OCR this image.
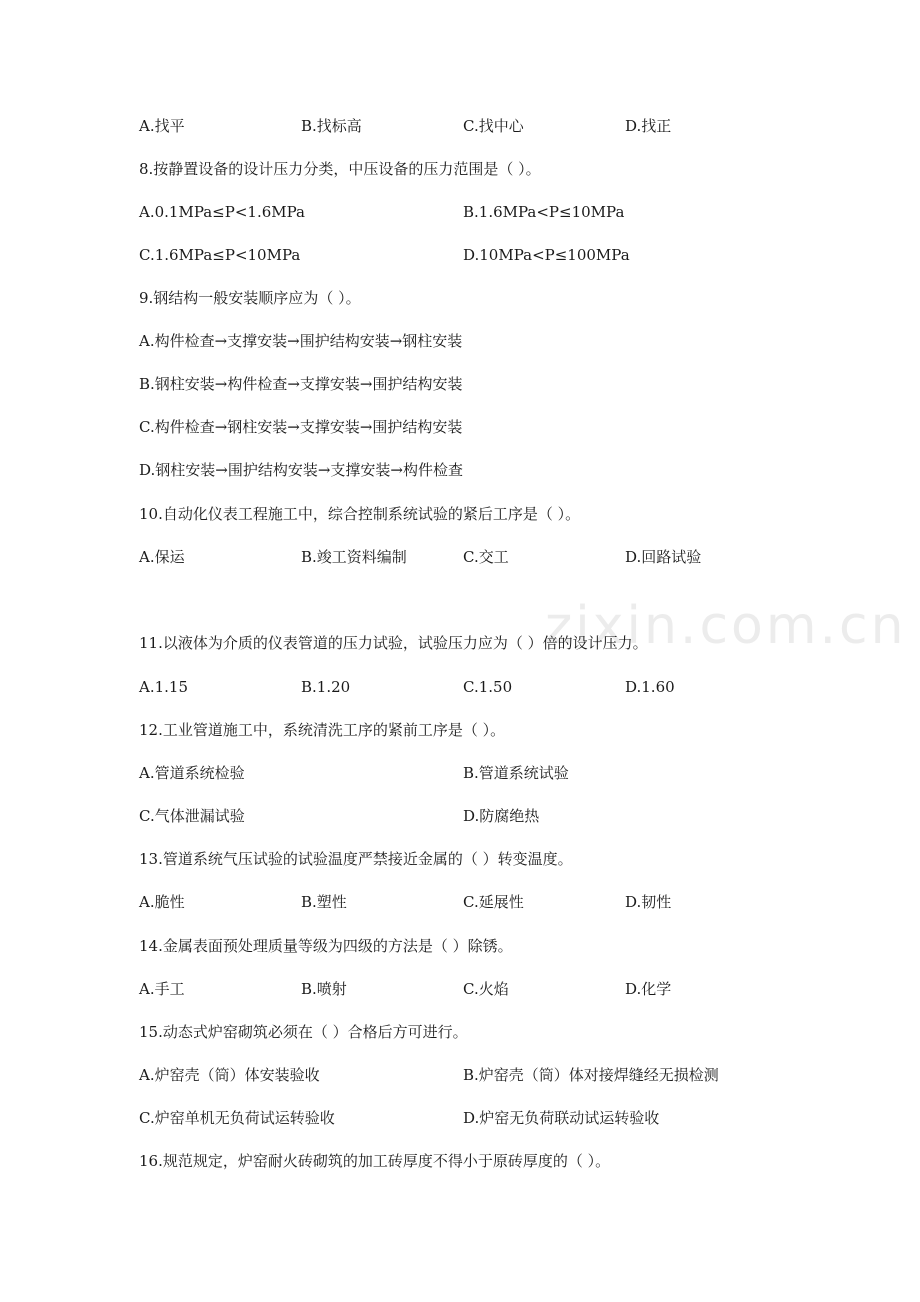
zixin.com.cn
A.找平	B.找标高	C.找中心	D.找正
8.按静置设备的设计压力分类，中压设备的压力范围是（ ）。
A.0.1MPa≤P<1.6MPa	B.1.6MPa<P≤10MPa
C.1.6MPa≤P<10MPa	D.10MPa<P≤100MPa
9.钢结构一般安装顺序应为（ ）。
A.构件检查→支撑安装→围护结构安装→钢柱安装
B.钢柱安装→构件检查→支撑安装→围护结构安装
C.构件检查→钢柱安装→支撑安装→围护结构安装
D.钢柱安装→围护结构安装→支撑安装→构件检查
10.自动化仪表工程施工中，综合控制系统试验的紧后工序是（ ）。
A.保运	B.竣工资料编制	C.交工	D.回路试验
11.以液体为介质的仪表管道的压力试验，试验压力应为（ ）倍的设计压力。
A.1.15	B.1.20	C.1.50	D.1.60
12.工业管道施工中，系统清洗工序的紧前工序是（ ）。
A.管道系统检验	B.管道系统试验
C.气体泄漏试验	D.防腐绝热
13.管道系统气压试验的试验温度严禁接近金属的（ ）转变温度。
A.脆性	B.塑性	C.延展性	D.韧性
14.金属表面预处理质量等级为四级的方法是（ ）除锈。
A.手工	B.喷射	C.火焰	D.化学
15.动态式炉窑砌筑必须在（ ）合格后方可进行。
A.炉窑壳（筒）体安装验收	B.炉窑壳（筒）体对接焊缝经无损检测
C.炉窑单机无负荷试运转验收	D.炉窑无负荷联动试运转验收
16.规范规定，炉窑耐火砖砌筑的加工砖厚度不得小于原砖厚度的（ ）。
